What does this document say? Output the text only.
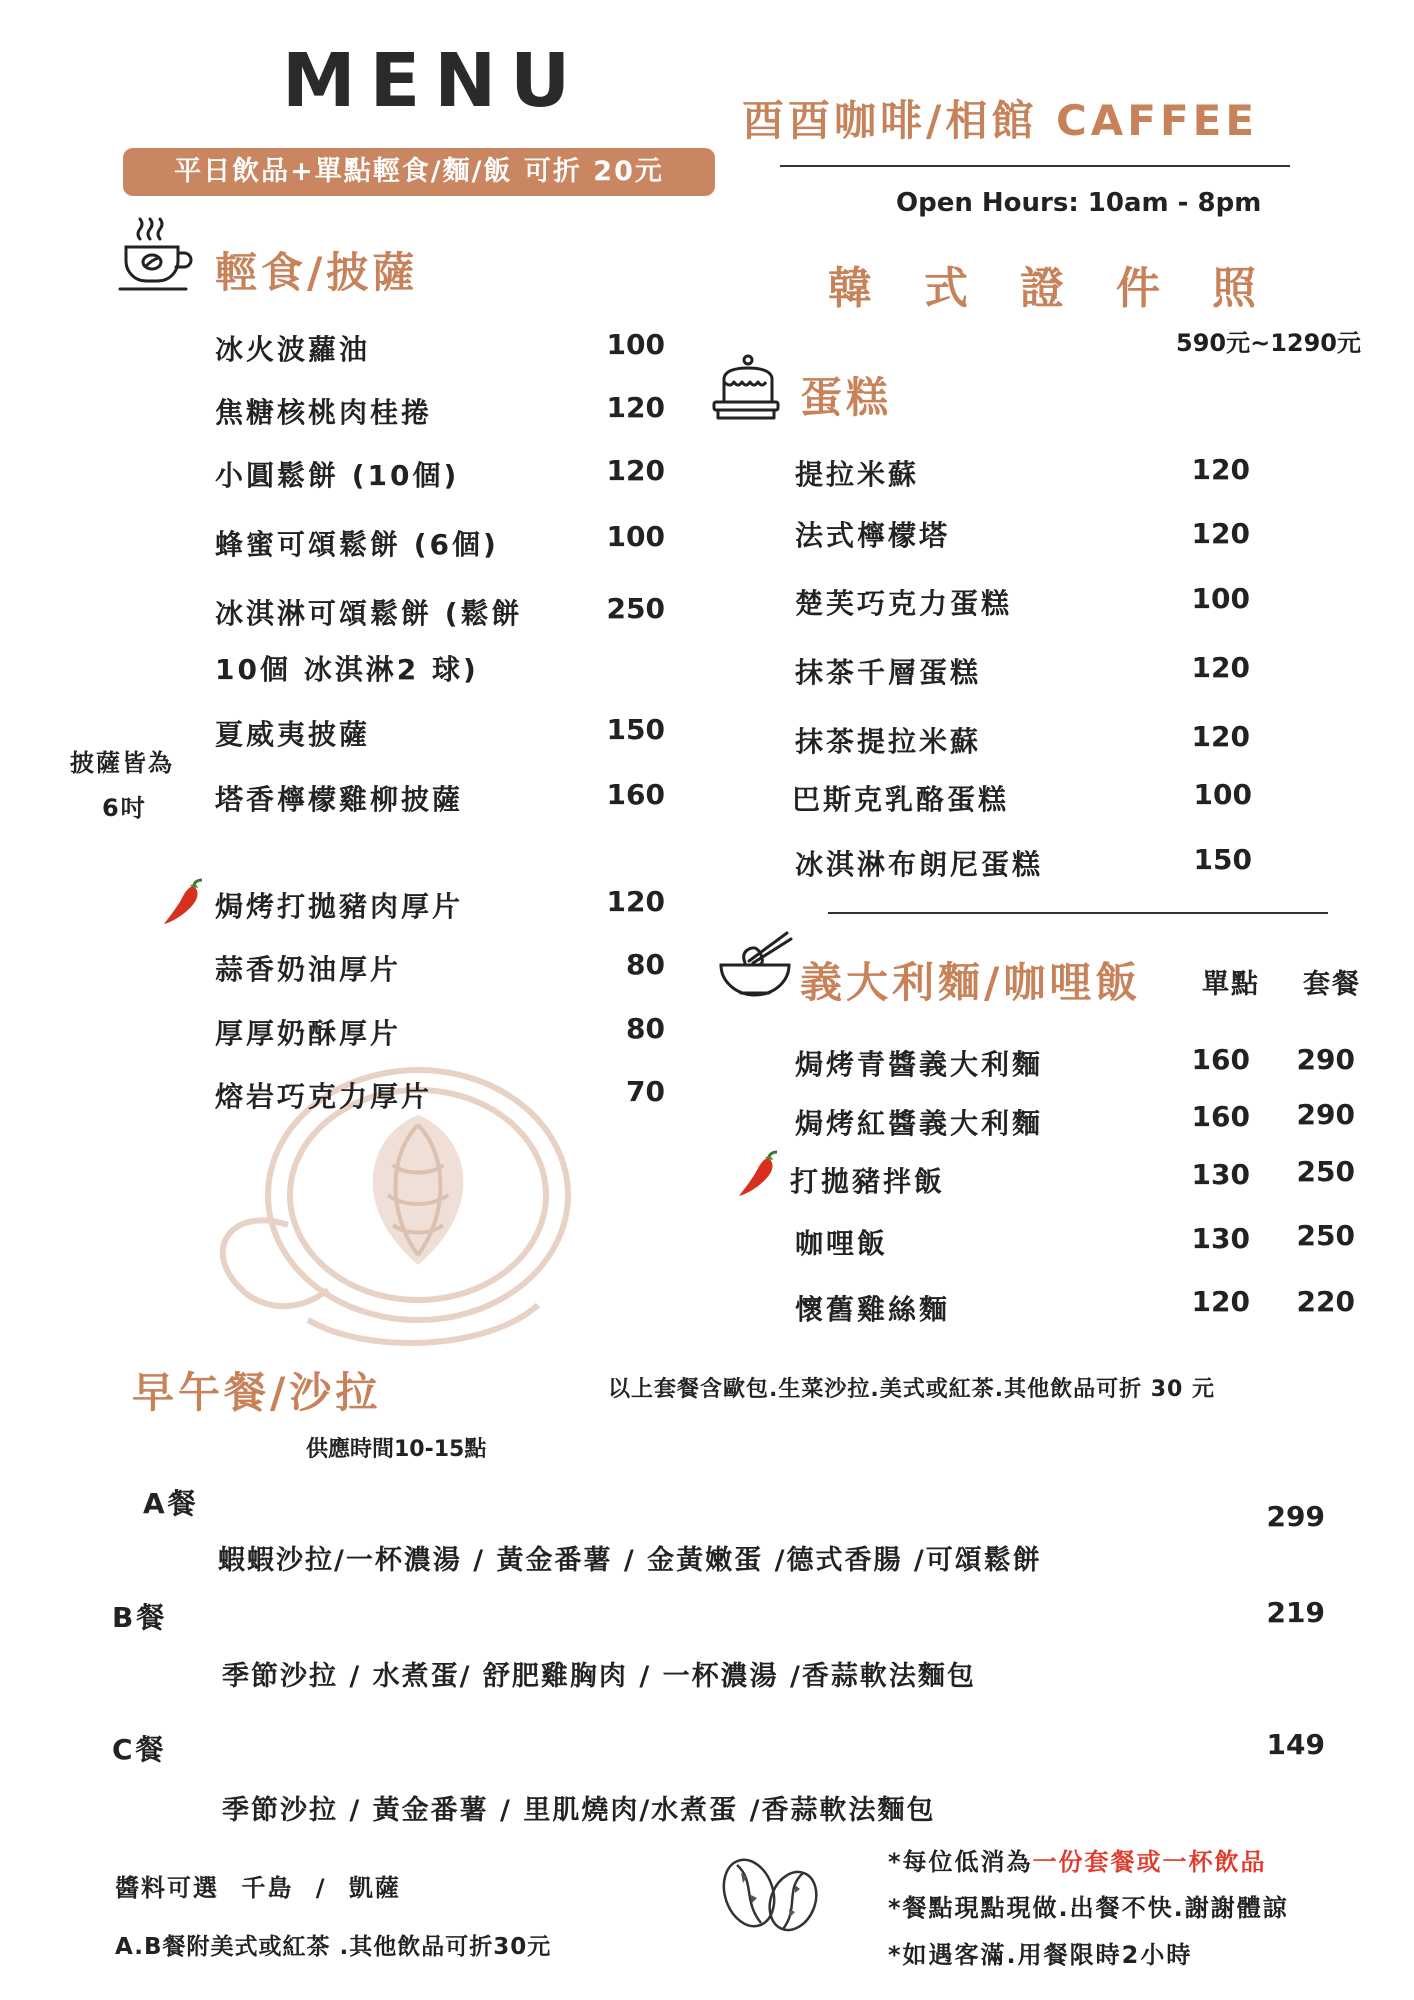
MENU
平日飲品+單點輕食/麵/飯 可折 20元
酉酉咖啡/相館 CAFFEE
Open Hours: 10am - 8pm
韓式證件照
590元~1290元
輕食/披薩
披薩皆為
6吋
冰火波蘿油	100
焦糖核桃肉桂捲	120
小圓鬆餅 (10個)	120
蜂蜜可頌鬆餅 (6個)	100
冰淇淋可頌鬆餅 (鬆餅	250
10個 冰淇淋2 球)
夏威夷披薩	150
塔香檸檬雞柳披薩	160
焗烤打拋豬肉厚片	120
蒜香奶油厚片	80
厚厚奶酥厚片	80
熔岩巧克力厚片	70
蛋糕
提拉米蘇	120
法式檸檬塔	120
楚芙巧克力蛋糕	100
抹茶千層蛋糕	120
抹茶提拉米蘇	120
巴斯克乳酪蛋糕	100
冰淇淋布朗尼蛋糕	150
義大利麵/咖哩飯 單點 套餐
焗烤青醬義大利麵	160	290
焗烤紅醬義大利麵	160	290
打拋豬拌飯	130	250
咖哩飯	130	250
懷舊雞絲麵	120	220
以上套餐含歐包.生菜沙拉.美式或紅茶.其他飲品可折 30 元
早午餐/沙拉
供應時間10-15點
A餐	299
蝦蝦沙拉/一杯濃湯 / 黃金番薯 / 金黃嫩蛋 /德式香腸 /可頌鬆餅
B餐	219
季節沙拉 / 水煮蛋/ 舒肥雞胸肉 / 一杯濃湯 /香蒜軟法麵包
C餐	149
季節沙拉 / 黃金番薯 / 里肌燒肉/水煮蛋 /香蒜軟法麵包
醬料可選 千島 / 凱薩
A.B餐附美式或紅茶 .其他飲品可折30元
*每位低消為一份套餐或一杯飲品
*餐點現點現做.出餐不快.謝謝體諒
*如遇客滿.用餐限時2小時
